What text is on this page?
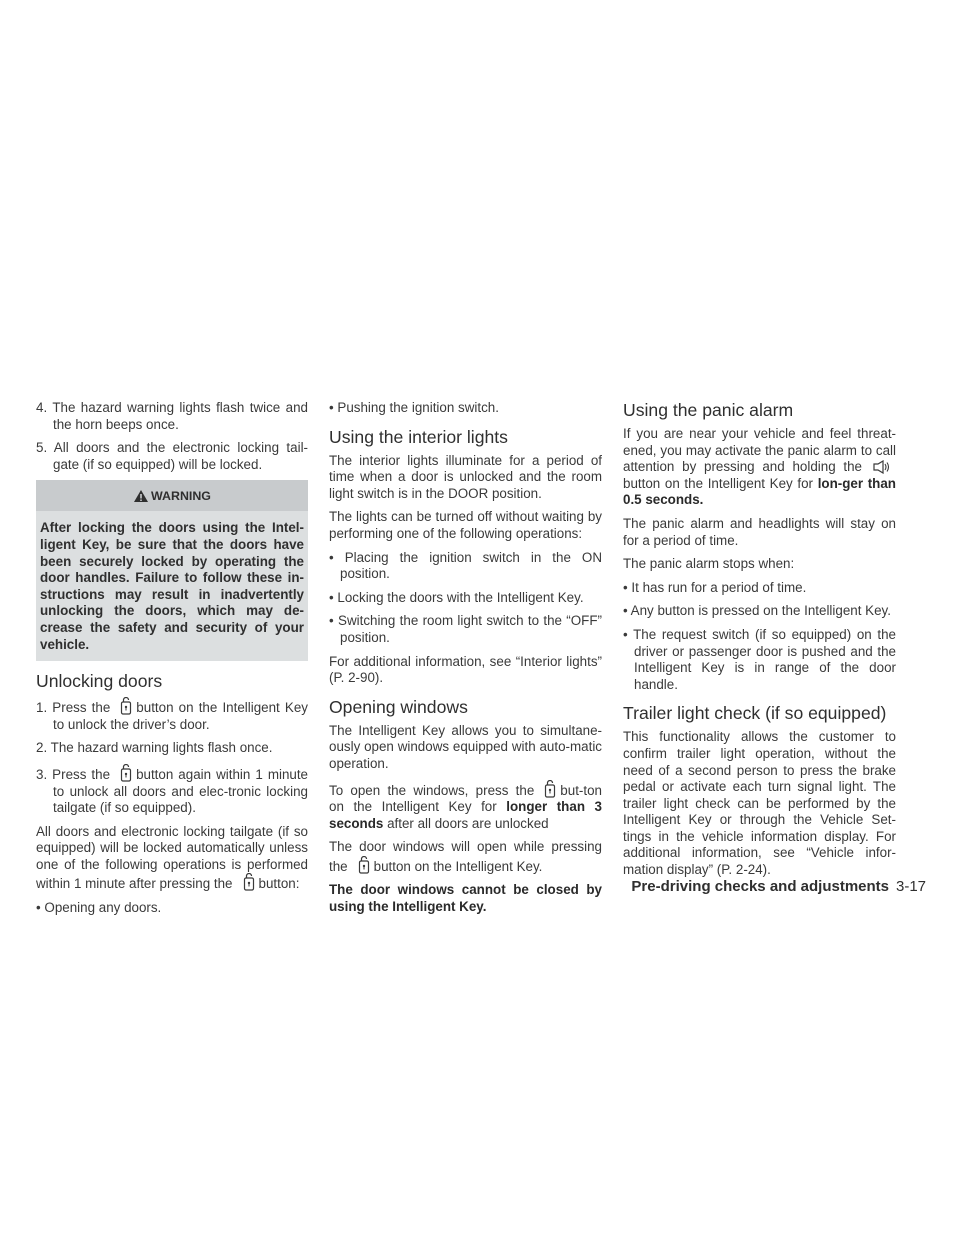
4. The hazard warning lights flash twice and the horn beeps once.

5. All doors and the electronic locking tail-gate (if so equipped) will be locked.

WARNING
After locking the doors using the Intel-ligent Key, be sure that the doors have been securely locked by operating the door handles. Failure to follow these in-structions may result in inadvertently unlocking the doors, which may de-crease the safety and security of your vehicle.
Unlocking doors

1. Press the button on the Intelligent Key to unlock the driver’s door.

2. The hazard warning lights flash once.

3. Press the button again within 1 minute to unlock all doors and elec-tronic locking tailgate (if so equipped).

All doors and electronic locking tailgate (if so equipped) will be locked automatically unless one of the following operations is performed within 1 minute after pressing the button:

• Opening any doors.

• Pushing the ignition switch.

Using the interior lights

The interior lights illuminate for a period of time when a door is unlocked and the room light switch is in the DOOR position.

The lights can be turned off without waiting by performing one of the following operations:

• Placing the ignition switch in the ON position.

• Locking the doors with the Intelligent Key.

• Switching the room light switch to the “OFF” position.

For additional information, see “Interior lights” (P. 2-90).

Opening windows

The Intelligent Key allows you to simultane-ously open windows equipped with auto-matic operation.

To open the windows, press the but-ton on the Intelligent Key for longer than 3 seconds after all doors are unlocked

The door windows will open while pressing the button on the Intelligent Key.

The door windows cannot be closed by using the Intelligent Key.

Using the panic alarm

If you are near your vehicle and feel threat-ened, you may activate the panic alarm to call attention by pressing and holding thebutton on the Intelligent Key for lon-ger than 0.5 seconds.

The panic alarm and headlights will stay on for a period of time.

The panic alarm stops when:

• It has run for a period of time.

• Any button is pressed on the Intelligent Key.

• The request switch (if so equipped) on the driver or passenger door is pushed and the Intelligent Key is in range of the door handle.

Trailer light check (if so equipped)

This functionality allows the customer to confirm trailer light operation, without the need of a second person to press the brake pedal or activate each turn signal light. The trailer light check can be performed by the Intelligent Key or through the Vehicle Set-tings in the vehicle information display. For additional information, see “Vehicle infor-mation display” (P. 2-24).

Pre-driving checks and adjustments 3-17
